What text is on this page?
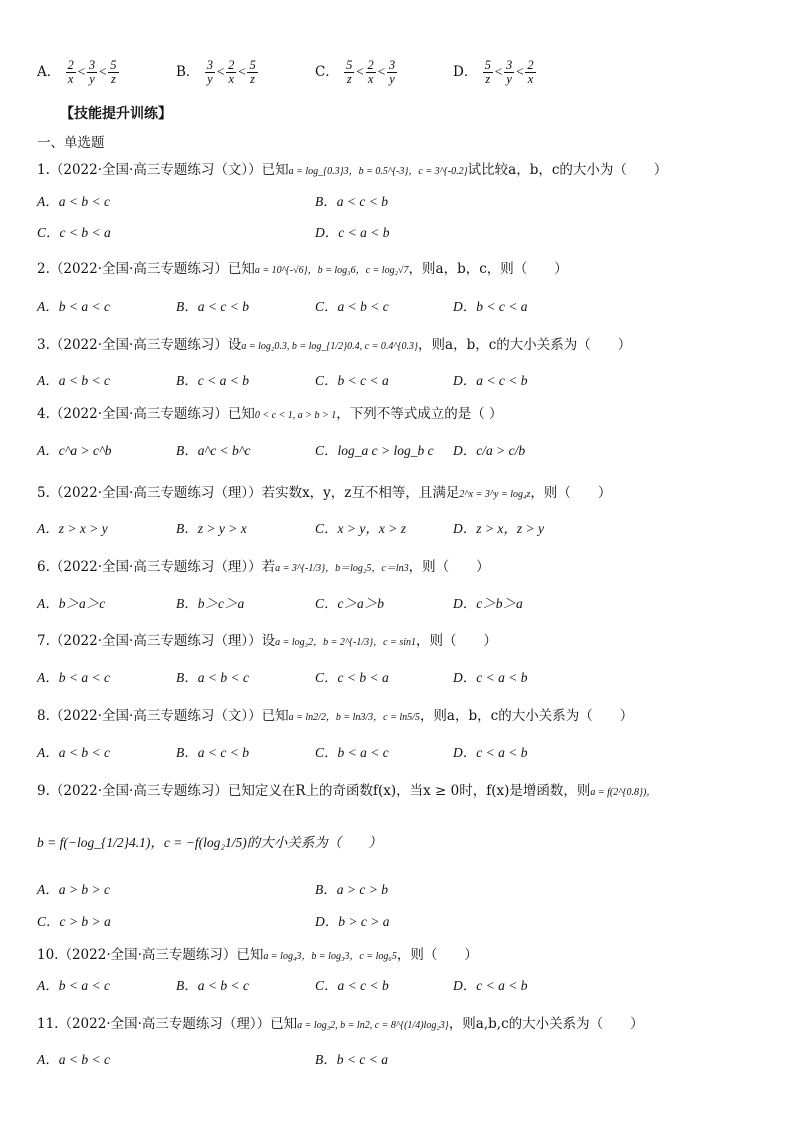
A． $\frac{2}{x} < \frac{3}{y} < \frac{5}{z}$	B． $\frac{3}{y} < \frac{2}{x} < \frac{5}{z}$	C． $\frac{5}{z} < \frac{2}{x} < \frac{3}{y}$	D． $\frac{5}{z} < \frac{3}{y} < \frac{2}{x}$
【技能提升训练】
一、单选题
1.（2022·全国·高三专题练习（文））已知a = log_{0.3}3，b = 0.5^{-3}，c = 3^{-0.2}试比较a，b，c的大小为（　　）
A．a < b < c	B．a < c < b
C．c < b < a	D．c < a < b
2.（2022·全国·高三专题练习）已知a = 10^{-√6}，b = log₃6，c = log₂√7，则a，b，c，则（　　）
A．b < a < c	B．a < c < b	C．a < b < c	D．b < c < a
3.（2022·全国·高三专题练习）设a = log₂0.3, b = log_{1/2}0.4, c = 0.4^{0.3}，则a，b，c的大小关系为（　　）
A．a < b < c	B．c < a < b	C．b < c < a	D．a < c < b
4.（2022·全国·高三专题练习）已知0 < c < 1, a > b > 1，下列不等式成立的是（ ）
A．c^a > c^b	B．a^c < b^c	C．log_a c > log_b c D．c/a > c/b
5.（2022·全国·高三专题练习（理））若实数x，y，z互不相等，且满足2^x = 3^y = log₄z，则（　　）
A．z > x > y	B．z > y > x	C．x > y，x > z	D．z > x，z > y
6.（2022·全国·高三专题练习（理））若a = 3^{-1/3}，b＝log₂5，c＝ln3，则（　　）
A．b＞a＞c	B．b＞c＞a	C．c＞a＞b	D．c＞b＞a
7.（2022·全国·高三专题练习（理））设a = log₃2，b = 2^{-1/3}，c = sin1，则（　　）
A．b < a < c	B．a < b < c	C．c < b < a	D．c < a < b
8.（2022·全国·高三专题练习（文））已知a = ln2/2，b = ln3/3，c = ln5/5，则a，b，c的大小关系为（　　）
A．a < b < c	B．a < c < b	C．b < a < c	D．c < a < b
9.（2022·全国·高三专题练习）已知定义在R上的奇函数f(x)，当x ≥ 0时，f(x)是增函数，则a = f(2^{0.8})，
b = f(−log_{1/2}4.1)，c = −f(log₂1/5)的大小关系为（　　）
A．a > b > c	B．a > c > b
C．c > b > a	D．b > c > a
10.（2022·全国·高三专题练习）已知a = log₄3，b = log₃3，c = log₆5，则（　　）
A．b < a < c	B．a < b < c	C．a < c < b	D．c < a < b
11.（2022·全国·高三专题练习（理））已知a = log₃2, b = ln2, c = 8^{(1/4)log₂3}，则a,b,c的大小关系为（　　）
A．a < b < c	B．b < c < a
